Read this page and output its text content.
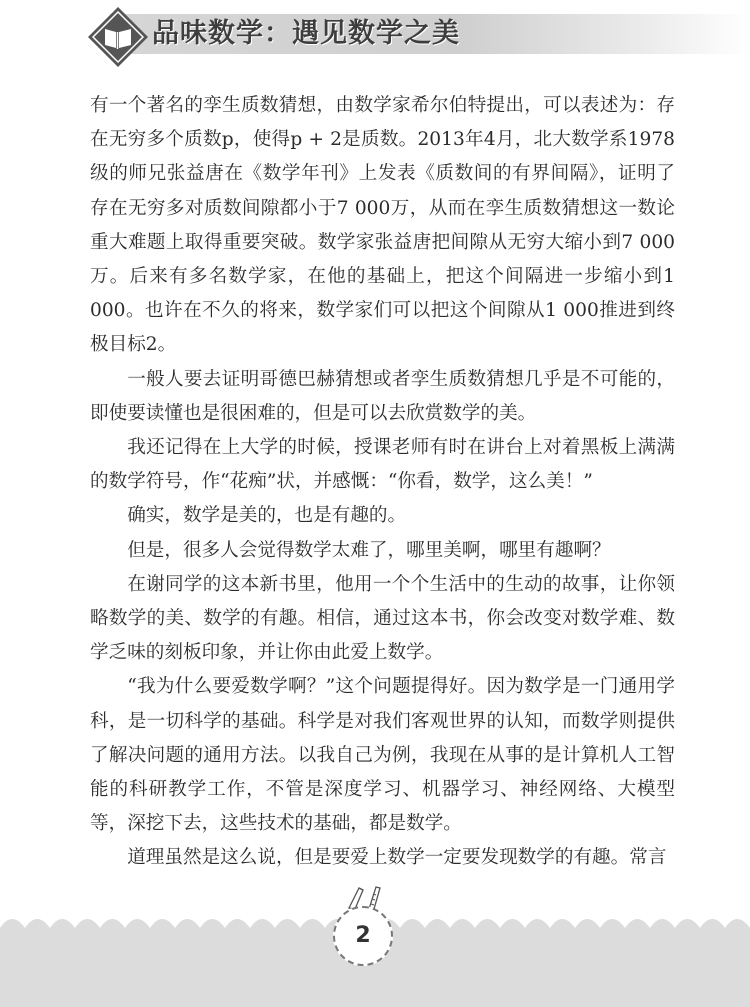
品味数学：遇见数学之美

有一个著名的孪生质数猜想，由数学家希尔伯特提出，可以表述为：存在无穷多个质数p，使得p + 2是质数。2013年4月，北大数学系1978级的师兄张益唐在《数学年刊》上发表《质数间的有界间隔》，证明了存在无穷多对质数间隙都小于7 000万，从而在孪生质数猜想这一数论重大难题上取得重要突破。数学家张益唐把间隙从无穷大缩小到7 000万。后来有多名数学家，在他的基础上，把这个间隔进一步缩小到1 000。也许在不久的将来，数学家们可以把这个间隙从1 000推进到终极目标2。

一般人要去证明哥德巴赫猜想或者孪生质数猜想几乎是不可能的，即使要读懂也是很困难的，但是可以去欣赏数学的美。

我还记得在上大学的时候，授课老师有时在讲台上对着黑板上满满的数学符号，作“花痴”状，并感慨：“你看，数学，这么美！”

确实，数学是美的，也是有趣的。

但是，很多人会觉得数学太难了，哪里美啊，哪里有趣啊？

在谢同学的这本新书里，他用一个个生活中的生动的故事，让你领略数学的美、数学的有趣。相信，通过这本书，你会改变对数学难、数学乏味的刻板印象，并让你由此爱上数学。

“我为什么要爱数学啊？”这个问题提得好。因为数学是一门通用学科，是一切科学的基础。科学是对我们客观世界的认知，而数学则提供了解决问题的通用方法。以我自己为例，我现在从事的是计算机人工智能的科研教学工作，不管是深度学习、机器学习、神经网络、大模型等，深挖下去，这些技术的基础，都是数学。

道理虽然是这么说，但是要爱上数学一定要发现数学的有趣。常言

2
